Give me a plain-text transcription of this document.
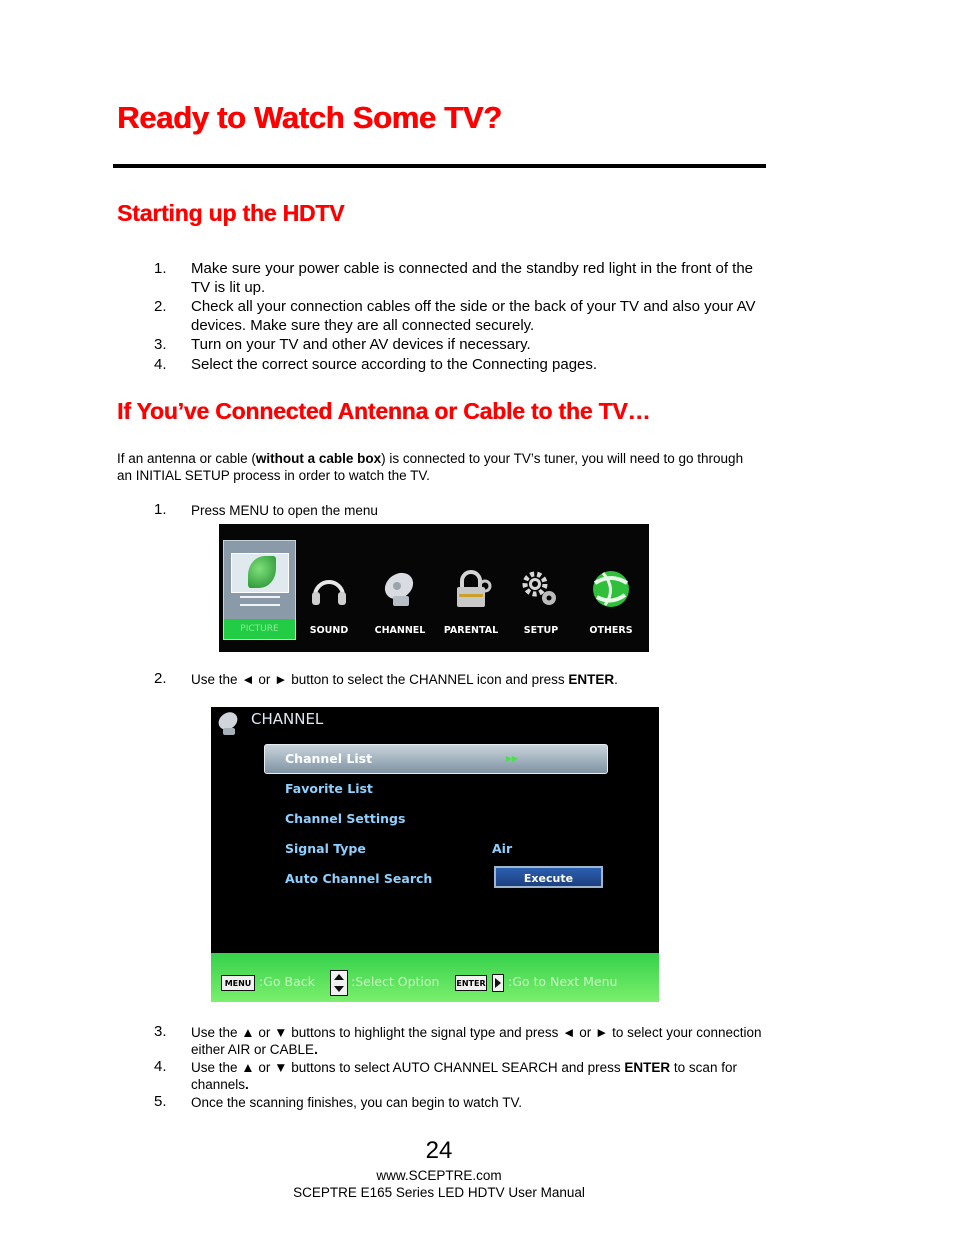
Ready to Watch Some TV?
Starting up the HDTV
1. Make sure your power cable is connected and the standby red light in the front of the TV is lit up.
2. Check all your connection cables off the side or the back of your TV and also your AV devices. Make sure they are all connected securely.
3. Turn on your TV and other AV devices if necessary.
4. Select the correct source according to the Connecting pages.
If You’ve Connected Antenna or Cable to the TV…
If an antenna or cable (without a cable box) is connected to your TV’s tuner, you will need to go through an INITIAL SETUP process in order to watch the TV.
1. Press MENU to open the menu
PICTURE	SOUND	CHANNEL	PARENTAL	SETUP	OTHERS
2. Use the ◄ or ► button to select the CHANNEL icon and press ENTER.
CHANNEL
Channel List	▸▸
Favorite List
Channel Settings
Signal Type	Air
Auto Channel Search	Execute
MENU :Go Back	:Select Option ENTER :Go to Next Menu
3. Use the ▲ or ▼ buttons to highlight the signal type and press ◄ or ► to select your connection either AIR or CABLE.
4. Use the ▲ or ▼ buttons to select AUTO CHANNEL SEARCH and press ENTER to scan for channels.
5. Once the scanning finishes, you can begin to watch TV.
24
www.SCEPTRE.com
SCEPTRE E165 Series LED HDTV User Manual
